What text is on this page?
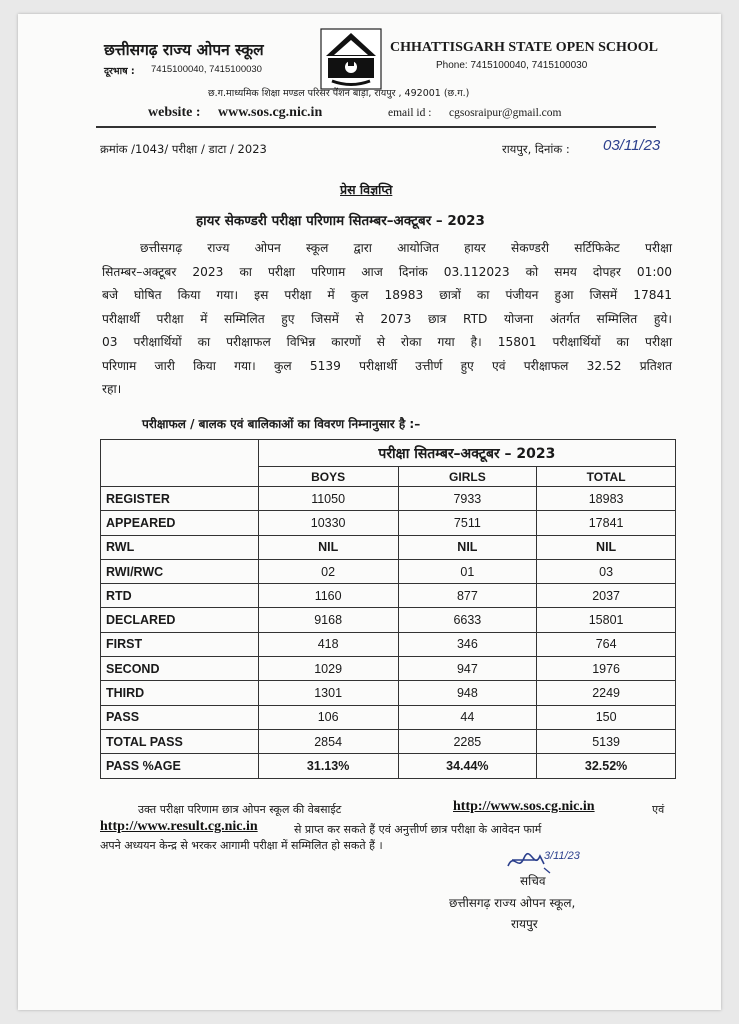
छत्तीसगढ़ राज्य ओपन स्कूल
दूरभाष : 7415100040, 7415100030
CHHATTISGARH STATE OPEN SCHOOL
Phone: 7415100040, 7415100030
छ.ग.माध्यमिक शिक्षा मण्डल परिसर पेंशन बाड़ा, रायपुर , 492001 (छ.ग.)
website : www.sos.cg.nic.in	email id : cgsosraipur@gmail.com
क्रमांक /1043/ परीक्षा / डाटा / 2023	रायपुर, दिनांक : 03/11/23
प्रेस विज्ञप्ति
हायर सेकण्डरी परीक्षा परिणाम सितम्बर–अक्टूबर – 2023
छत्तीसगढ़ राज्य ओपन स्कूल द्वारा आयोजित हायर सेकण्डरी सर्टिफिकेट परीक्षा
सितम्बर–अक्टूबर 2023 का परीक्षा परिणाम आज दिनांक 03.112023 को समय दोपहर 01:00
बजे घोषित किया गया। इस परीक्षा में कुल 18983 छात्रों का पंजीयन हुआ जिसमें 17841
परीक्षार्थी परीक्षा में सम्मिलित हुए जिसमें से 2073 छात्र RTD योजना अंतर्गत सम्मिलित हुये।
03 परीक्षार्थियों का परीक्षाफल विभिन्न कारणों से रोका गया है। 15801 परीक्षार्थियों का परीक्षा
परिणाम जारी किया गया। कुल 5139 परीक्षार्थी उत्तीर्ण हुए एवं परीक्षाफल 32.52 प्रतिशत
रहा।
परीक्षाफल / बालक एवं बालिकाओं का विवरण निम्नानुसार है :–
	परीक्षा सितम्बर–अक्टूबर – 2023		
	BOYS	GIRLS	TOTAL
REGISTER	11050	7933	18983
APPEARED	10330	7511	17841
RWL	NIL	NIL	NIL
RWI/RWC	02	01	03
RTD	1160	877	2037
DECLARED	9168	6633	15801
FIRST	418	346	764
SECOND	1029	947	1976
THIRD	1301	948	2249
PASS	106	44	150
TOTAL PASS	2854	2285	5139
PASS %AGE	31.13%	34.44%	32.52%
उक्त परीक्षा परिणाम छात्र ओपन स्कूल की वेबसाईट	http://www.sos.cg.nic.in	एवं
http://www.result.cg.nic.in	से प्राप्त कर सकते हैं एवं अनुत्तीर्ण छात्र परीक्षा के आवेदन फार्म
अपने अध्ययन केन्द्र से भरकर आगामी परीक्षा में सम्मिलित हो सकते हैं ।
3/11/23
सचिव
छत्तीसगढ़ राज्य ओपन स्कूल,
रायपुर
